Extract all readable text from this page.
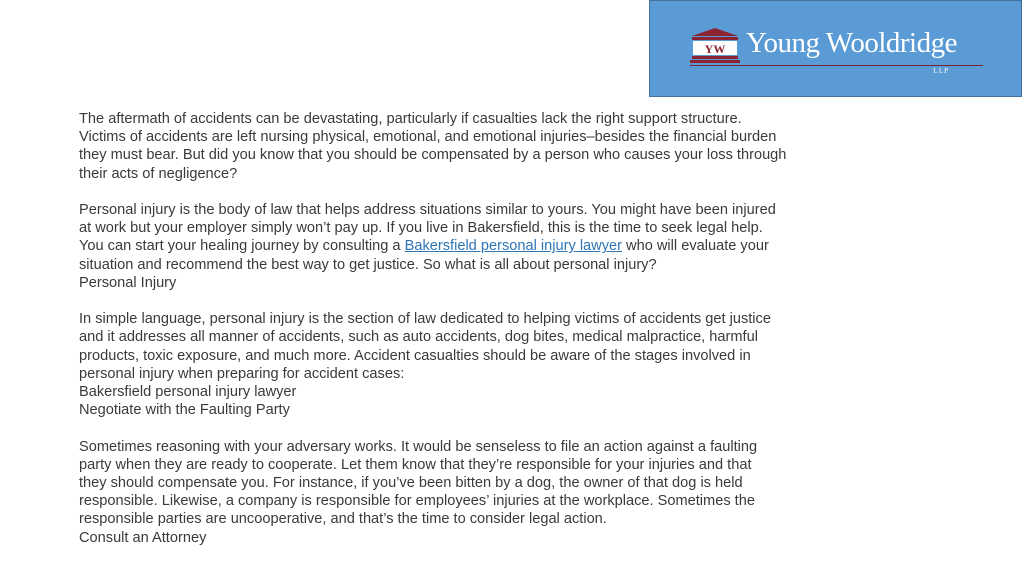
YW Young Wooldridge
LLP
The aftermath of accidents can be devastating, particularly if casualties lack the right support structure.
Victims of accidents are left nursing physical, emotional, and emotional injuries–besides the financial burden
they must bear. But did you know that you should be compensated by a person who causes your loss through
their acts of negligence?
Personal injury is the body of law that helps address situations similar to yours. You might have been injured
at work but your employer simply won’t pay up. If you live in Bakersfield, this is the time to seek legal help.
You can start your healing journey by consulting a Bakersfield personal injury lawyer who will evaluate your
situation and recommend the best way to get justice. So what is all about personal injury?
Personal Injury
In simple language, personal injury is the section of law dedicated to helping victims of accidents get justice
and it addresses all manner of accidents, such as auto accidents, dog bites, medical malpractice, harmful
products, toxic exposure, and much more. Accident casualties should be aware of the stages involved in
personal injury when preparing for accident cases:
Bakersfield personal injury lawyer
Negotiate with the Faulting Party
Sometimes reasoning with your adversary works. It would be senseless to file an action against a faulting
party when they are ready to cooperate. Let them know that they’re responsible for your injuries and that
they should compensate you. For instance, if you’ve been bitten by a dog, the owner of that dog is held
responsible. Likewise, a company is responsible for employees’ injuries at the workplace. Sometimes the
responsible parties are uncooperative, and that’s the time to consider legal action.
Consult an Attorney
